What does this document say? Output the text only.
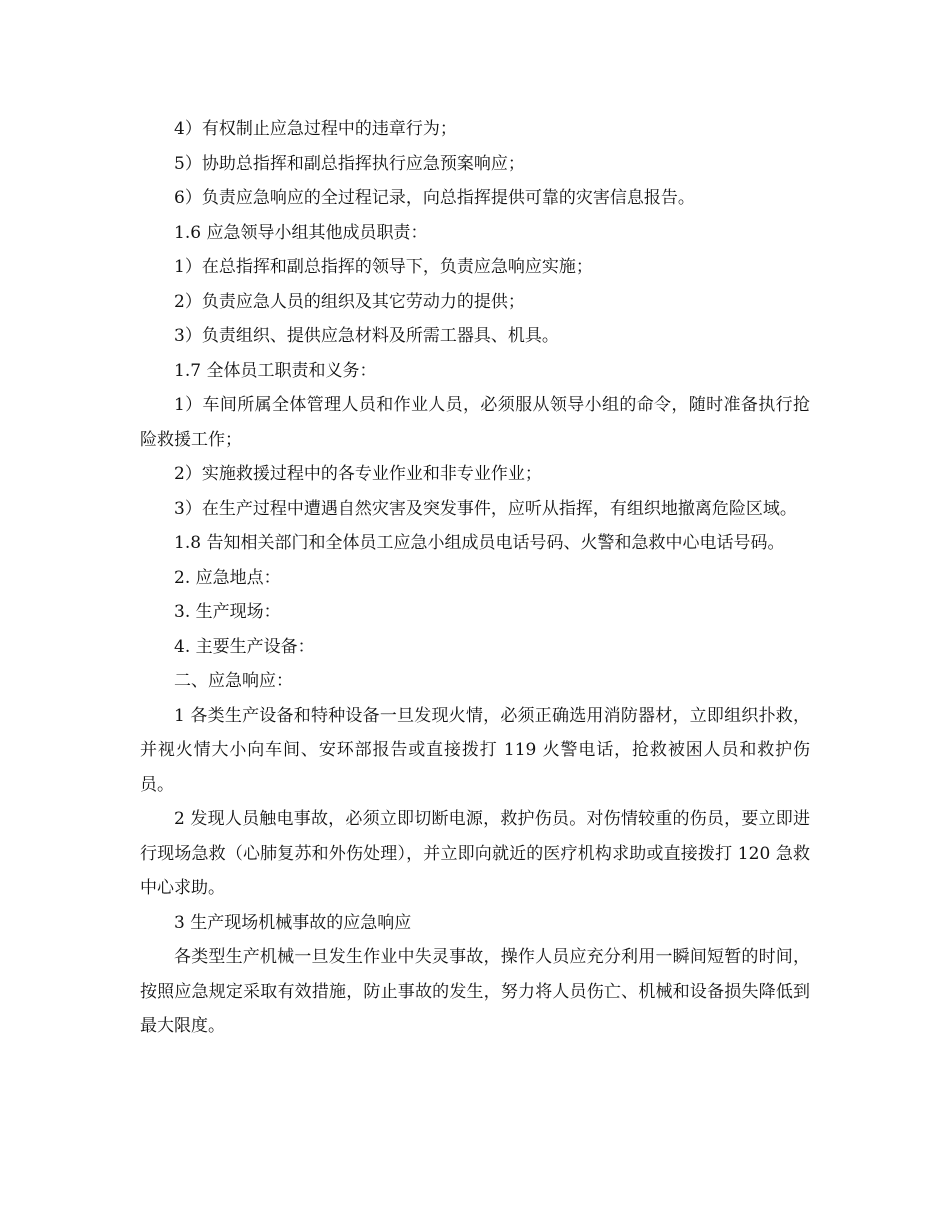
4）有权制止应急过程中的违章行为；

5）协助总指挥和副总指挥执行应急预案响应；

6）负责应急响应的全过程记录，向总指挥提供可靠的灾害信息报告。

1.6 应急领导小组其他成员职责：

1）在总指挥和副总指挥的领导下，负责应急响应实施；

2）负责应急人员的组织及其它劳动力的提供；

3）负责组织、提供应急材料及所需工器具、机具。

1.7 全体员工职责和义务：

1）车间所属全体管理人员和作业人员，必须服从领导小组的命令，随时准备执行抢险救援工作；

2）实施救援过程中的各专业作业和非专业作业；

3）在生产过程中遭遇自然灾害及突发事件，应听从指挥，有组织地撤离危险区域。

1.8 告知相关部门和全体员工应急小组成员电话号码、火警和急救中心电话号码。

2. 应急地点：

3. 生产现场：

4. 主要生产设备：

二、应急响应：

1 各类生产设备和特种设备一旦发现火情，必须正确选用消防器材，立即组织扑救，并视火情大小向车间、安环部报告或直接拨打 119 火警电话，抢救被困人员和救护伤员。

2 发现人员触电事故，必须立即切断电源，救护伤员。对伤情较重的伤员，要立即进行现场急救（心肺复苏和外伤处理），并立即向就近的医疗机构求助或直接拨打 120 急救中心求助。

3 生产现场机械事故的应急响应

各类型生产机械一旦发生作业中失灵事故，操作人员应充分利用一瞬间短暂的时间，按照应急规定采取有效措施，防止事故的发生，努力将人员伤亡、机械和设备损失降低到最大限度。
